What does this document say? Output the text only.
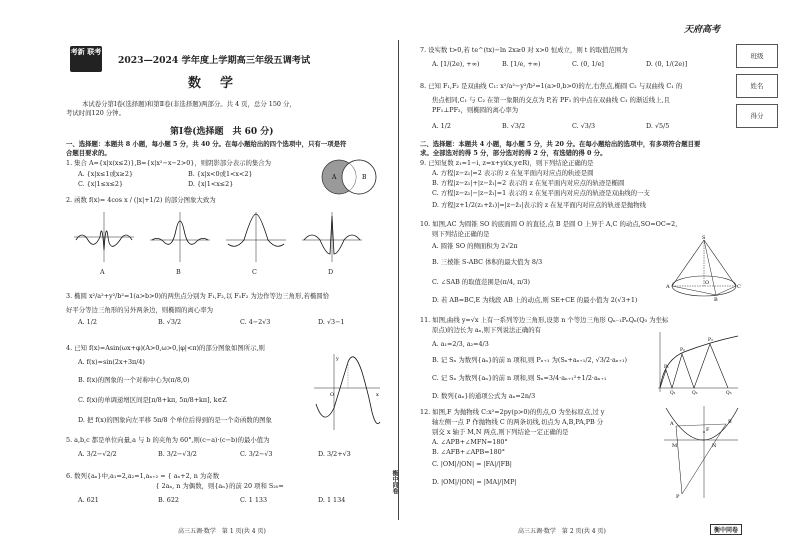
考新 联考
2023—2024 学年度上学期高三年级五调考试
数　学
本试卷分第Ⅰ卷(选择题)和第Ⅱ卷(非选择题)两部分。共 4 页，总分 150 分，
考试时间120 分钟。
第Ⅰ卷(选择题　共 60 分)
一、选择题：本题共 8 小题，每小题 5 分，共 40 分。在每小题给出的四个选项中，只有一项是符
合题目要求的。
1. 集合 A={x|x(x≤2)},B={x|x²−x−2>0}，则阴影部分表示的集合为
A. {x|x≤1或x≥2}	B. {x|x<0或1<x<2}
C. {x|1≤x≤2}	D. {x|1<x≤2}
A	B
2. 函数 f(x)= 4cos x / (|x|+1/2) 的部分图象大致为
A	B	C	D
3. 椭圆 x²/a²+y²/b²=1(a>b>0)的两焦点分别为 F₁,F₂,以 F₁F₂ 为边作等边三角形,若椭圆恰
好平分等边三角形的另外两条边，则椭圆的离心率为
A. 1/2	B. √3/2	C. 4−2√3	D. √3−1
4. 已知 f(x)=Asin(ωx+φ)(A>0,ω>0,|φ|<π)的部分图象如图所示,则
A. f(x)=sin(2x+3π/4)
B. f(x)的图象的一个对称中心为(π/8,0)
C. f(x)的单调递增区间是[π/8+kπ, 5π/8+kπ], k∈Z
D. 把 f(x)的图象向左平移 5π/8 个单位后得到的是一个奇函数的图象
O	x
y
5. a,b,c 都是单位向量,a 与 b 的夹角为 60°,则(c−a)·(c−b)的最小值为
A. 3/2−√2/2	B. 3/2−√3/2	C. 3/2−√3	D. 3/2+√3
6. 数列{aₙ}中,a₁=2,a₂=1,aₙ₊₂ = { aₙ+2, n 为奇数
　　　　　　　　　　　　　　{ 2aₙ, n 为偶数，则{aₙ}的前 20 项和 S₂₀=
A. 621	B. 622	C. 1 133	D. 1 134
高三五调·数学　第 1 页(共 4 页)
衡中同卷
天府高考
班级
姓名
得分
7. 设实数 t>0,若 te^(tx)−ln 2x≥0 对 x>0 恒成立，则 t 的取值范围为
A. [1/(2e), +∞)	B. [1/e, +∞)	C. (0, 1/e]	D. (0, 1/(2e)]
8. 已知 F₁,F₂ 是双曲线 C₁: x²/a²−y²/b²=1(a>0,b>0)的左,右焦点,椭圆 C₂ 与双曲线 C₁ 的
焦点相同,C₁ 与 C₂ 在第一象限的交点为 P,若 PF₁ 的中点在双曲线 C₁ 的渐近线上,且
PF₁⊥PF₂，则椭圆的离心率为
A. 1/2	B. √3/2	C. √3/3	D. √5/5
二、选择题：本题共 4 小题，每小题 5 分，共 20 分。在每小题给出的选项中，有多项符合题目要
求。全部选对的得 5 分，部分选对的得 2 分，有选错的得 0 分。
9. 已知复数 z₁=1−i, z=x+yi(x,y∈R)，则下列结论正确的是
A. 方程|z−z₁|=2 表示的 z 在复平面内对应点的轨迹是圆
B. 方程|z−z₁|+|z−z̄₁|=2 表示的 z 在复平面内对应点的轨迹是椭圆
C. 方程|z−z₁|−|z−z̄₁|=1 表示的 z 在复平面内对应点的轨迹是双曲线的一支
D. 方程|z+1/2(z₁+z̄₁)|=|z−z̄₁|表示的 z 在复平面内对应点的轨迹是抛物线
10. 如图,AC 为圆锥 SO 的底面圆 O 的直径,点 B 是圆 O 上异于 A,C 的动点,SO=OC=2,
则下列结论正确的是
A. 圆锥 SO 的侧面积为 2√2π
B. 三棱锥 S-ABC 体积的最大值为 8/3
C. ∠SAB 的取值范围是(π/4, π/3)
D. 若 AB=BC,E 为线段 AB 上的动点,则 SE+CE 的最小值为 2(√3+1)
S
A
B
C
O
11. 如图,曲线 y=√x 上有一系列等边三角形,设第 n 个等边三角形 Qₙ₋₁PₙQₙ(Q₀ 为坐标
原点)的边长为 aₙ,则下列说法正确的有
A. a₁=2/3, a₂=4/3
B. 记 Sₙ 为数列{aₙ}的前 n 项和,则 Pₙ₊₁ 为(Sₙ+aₙ₊₁/2, √3/2·aₙ₊₁)
C. 记 Sₙ 为数列{aₙ}的前 n 项和,则 Sₙ=3/4·aₙ₊₁²+1/2·aₙ₊₁
D. 数列{aₙ}的通项公式为 aₙ=2n/3
P₁
P₂
P₃
Q₁	Q₂	Q₃
12. 如图,F 为抛物线 C:x²=2py(p>0)的焦点,O 为坐标原点,过 y
轴左侧一点 P 作抛物线 C 的两条切线,切点为 A,B,PA,PB 分
别交 x 轴于 M,N 两点,则下列结论一定正确的是
A. ∠APB+∠MFN=180°
B. ∠AFB+∠APB=180°
C. |OM|/|ON| = |FA|/|FB|
D. |OM|/|ON| = |MA|/|MP|
A	B
P
M	N
F
高三五调·数学　第 2 页(共 4 页)	衡中同卷
